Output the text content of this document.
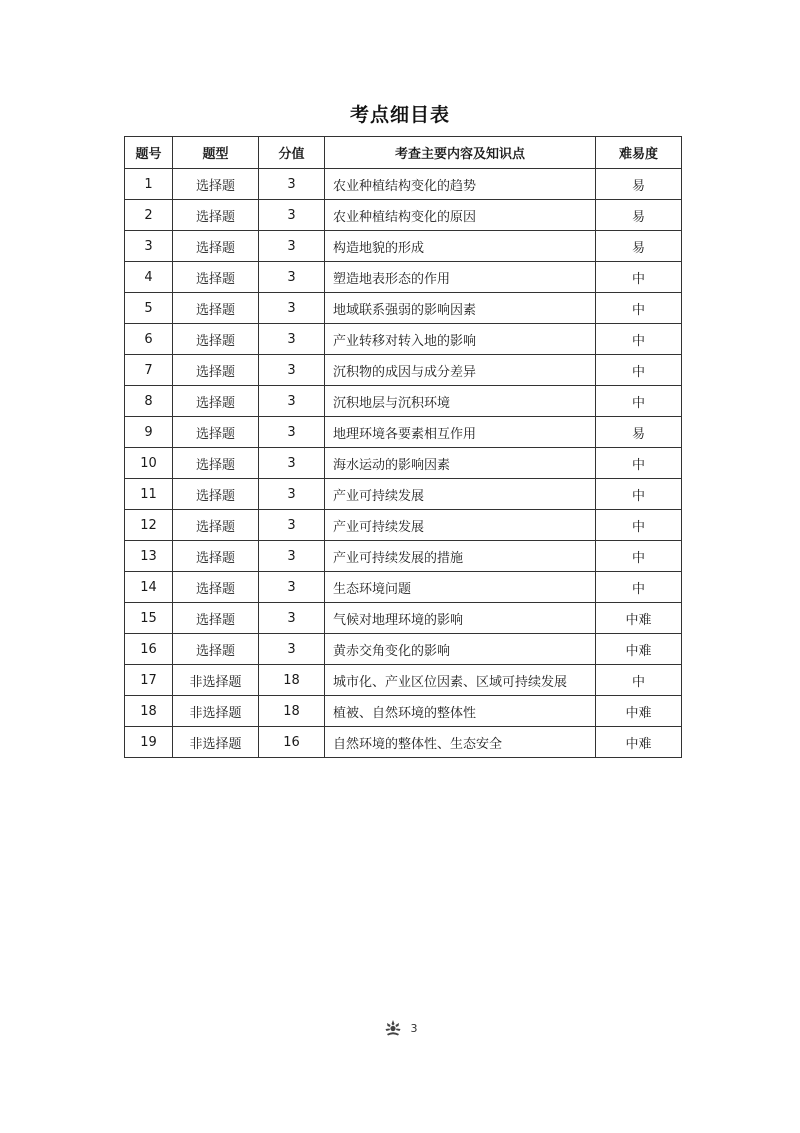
考点细目表
题号	题型	分值	考查主要内容及知识点	难易度
1	选择题	3	农业种植结构变化的趋势	易
2	选择题	3	农业种植结构变化的原因	易
3	选择题	3	构造地貌的形成	易
4	选择题	3	塑造地表形态的作用	中
5	选择题	3	地域联系强弱的影响因素	中
6	选择题	3	产业转移对转入地的影响	中
7	选择题	3	沉积物的成因与成分差异	中
8	选择题	3	沉积地层与沉积环境	中
9	选择题	3	地理环境各要素相互作用	易
10	选择题	3	海水运动的影响因素	中
11	选择题	3	产业可持续发展	中
12	选择题	3	产业可持续发展	中
13	选择题	3	产业可持续发展的措施	中
14	选择题	3	生态环境问题	中
15	选择题	3	气候对地理环境的影响	中难
16	选择题	3	黄赤交角变化的影响	中难
17	非选择题	18	城市化、产业区位因素、区域可持续发展	中
18	非选择题	18	植被、自然环境的整体性	中难
19	非选择题	16	自然环境的整体性、生态安全	中难
3
